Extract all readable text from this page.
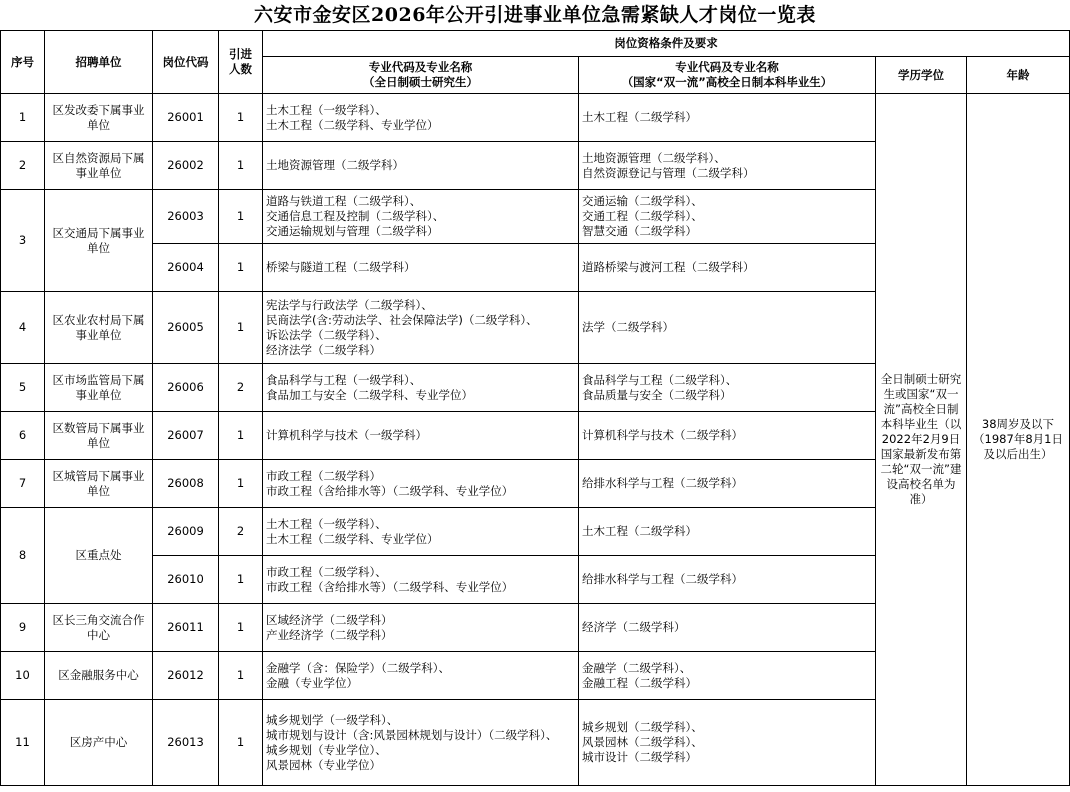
六安市金安区2026年公开引进事业单位急需紧缺人才岗位一览表
序号	招聘单位	岗位代码	引进
人数	岗位资格条件及要求			
				专业代码及专业名称
（全日制硕士研究生）	专业代码及专业名称
（国家“双一流”高校全日制本科毕业生）	学历学位	年龄
1	区发改委下属事业
单位	26001	1	土木工程（一级学科）、
土木工程（二级学科、专业学位）	土木工程（二级学科）	全日制硕士研究生或国家“双一流”高校全日制本科毕业生（以2022年2月9日国家最新发布第二轮“双一流”建设高校名单为准）	38周岁及以下（1987年8月1日及以后出生）
2	区自然资源局下属
事业单位	26002	1	土地资源管理（二级学科）	土地资源管理（二级学科）、
自然资源登记与管理（二级学科）		
3	区交通局下属事业
单位	26003	1	道路与铁道工程（二级学科）、
交通信息工程及控制（二级学科）、
交通运输规划与管理（二级学科）	交通运输（二级学科）、
交通工程（二级学科）、
智慧交通（二级学科）		
		26004	1	桥梁与隧道工程（二级学科）	道路桥梁与渡河工程（二级学科）		
4	区农业农村局下属
事业单位	26005	1	宪法学与行政法学（二级学科）、
民商法学(含:劳动法学、社会保障法学)（二级学科）、
诉讼法学（二级学科）、
经济法学（二级学科）	法学（二级学科）		
5	区市场监管局下属
事业单位	26006	2	食品科学与工程（一级学科）、
食品加工与安全（二级学科、专业学位）	食品科学与工程（二级学科）、
食品质量与安全（二级学科）		
6	区数管局下属事业
单位	26007	1	计算机科学与技术（一级学科）	计算机科学与技术（二级学科）		
7	区城管局下属事业
单位	26008	1	市政工程（二级学科）
市政工程（含给排水等）（二级学科、专业学位）	给排水科学与工程（二级学科）		
8	区重点处	26009	2	土木工程（一级学科）、
土木工程（二级学科、专业学位）	土木工程（二级学科）		
		26010	1	市政工程（二级学科）、
市政工程（含给排水等）（二级学科、专业学位）	给排水科学与工程（二级学科）		
9	区长三角交流合作
中心	26011	1	区域经济学（二级学科）
产业经济学（二级学科）	经济学（二级学科）		
10	区金融服务中心	26012	1	金融学（含：保险学）（二级学科）、
金融（专业学位）	金融学（二级学科）、
金融工程（二级学科）		
11	区房产中心	26013	1	城乡规划学（一级学科）、
城市规划与设计（含:风景园林规划与设计）（二级学科）、
城乡规划（专业学位）、
风景园林（专业学位）	城乡规划（二级学科）、
风景园林（二级学科）、
城市设计（二级学科）		
